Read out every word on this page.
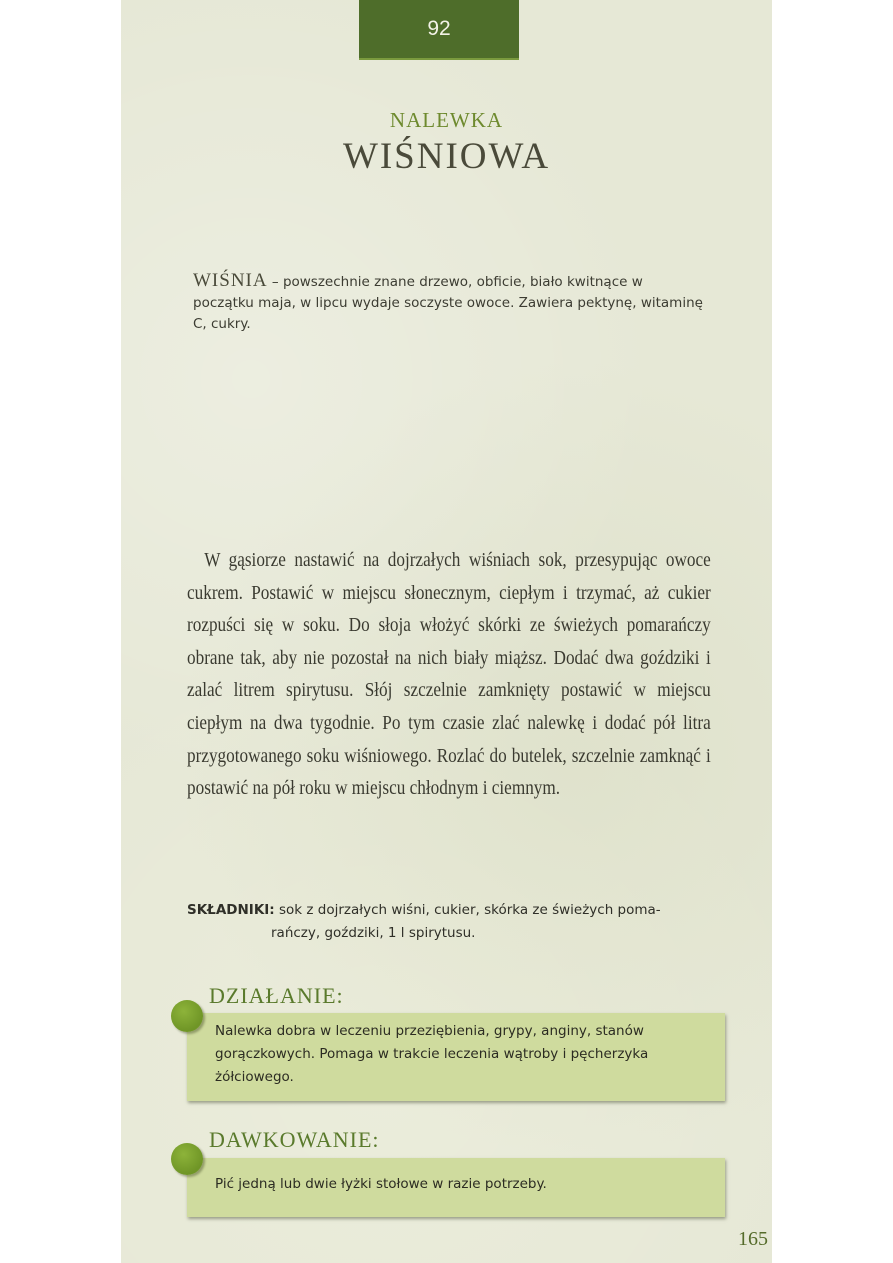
92
NALEWKA
WIŚNIOWA
WIŚNIA – powszechnie znane drzewo, obficie, biało kwitnące w początku maja, w lipcu wydaje soczyste owoce. Zawiera pektynę, witaminę C, cukry.
W gąsiorze nastawić na dojrzałych wiśniach sok, przesypując owoce cukrem. Postawić w miejscu słonecznym, ciepłym i trzymać, aż cukier rozpuści się w soku. Do słoja włożyć skórki ze świeżych pomarańczy obrane tak, aby nie pozostał na nich biały miąższ. Dodać dwa goździki i zalać litrem spirytusu. Słój szczelnie zamknięty postawić w miejscu ciepłym na dwa tygodnie. Po tym czasie zlać nalewkę i dodać pół litra przygotowanego soku wiśniowego. Rozlać do butelek, szczelnie zamknąć i postawić na pół roku w miejscu chłodnym i ciemnym.
SKŁADNIKI: sok z dojrzałych wiśni, cukier, skórka ze świeżych poma-
rańczy, goździki, 1 l spirytusu.
DZIAŁANIE:
Nalewka dobra w leczeniu przeziębienia, grypy, anginy, stanów gorączkowych. Pomaga w trakcie leczenia wątroby i pęcherzyka żółciowego.
DAWKOWANIE:
Pić jedną lub dwie łyżki stołowe w razie potrzeby.
165
